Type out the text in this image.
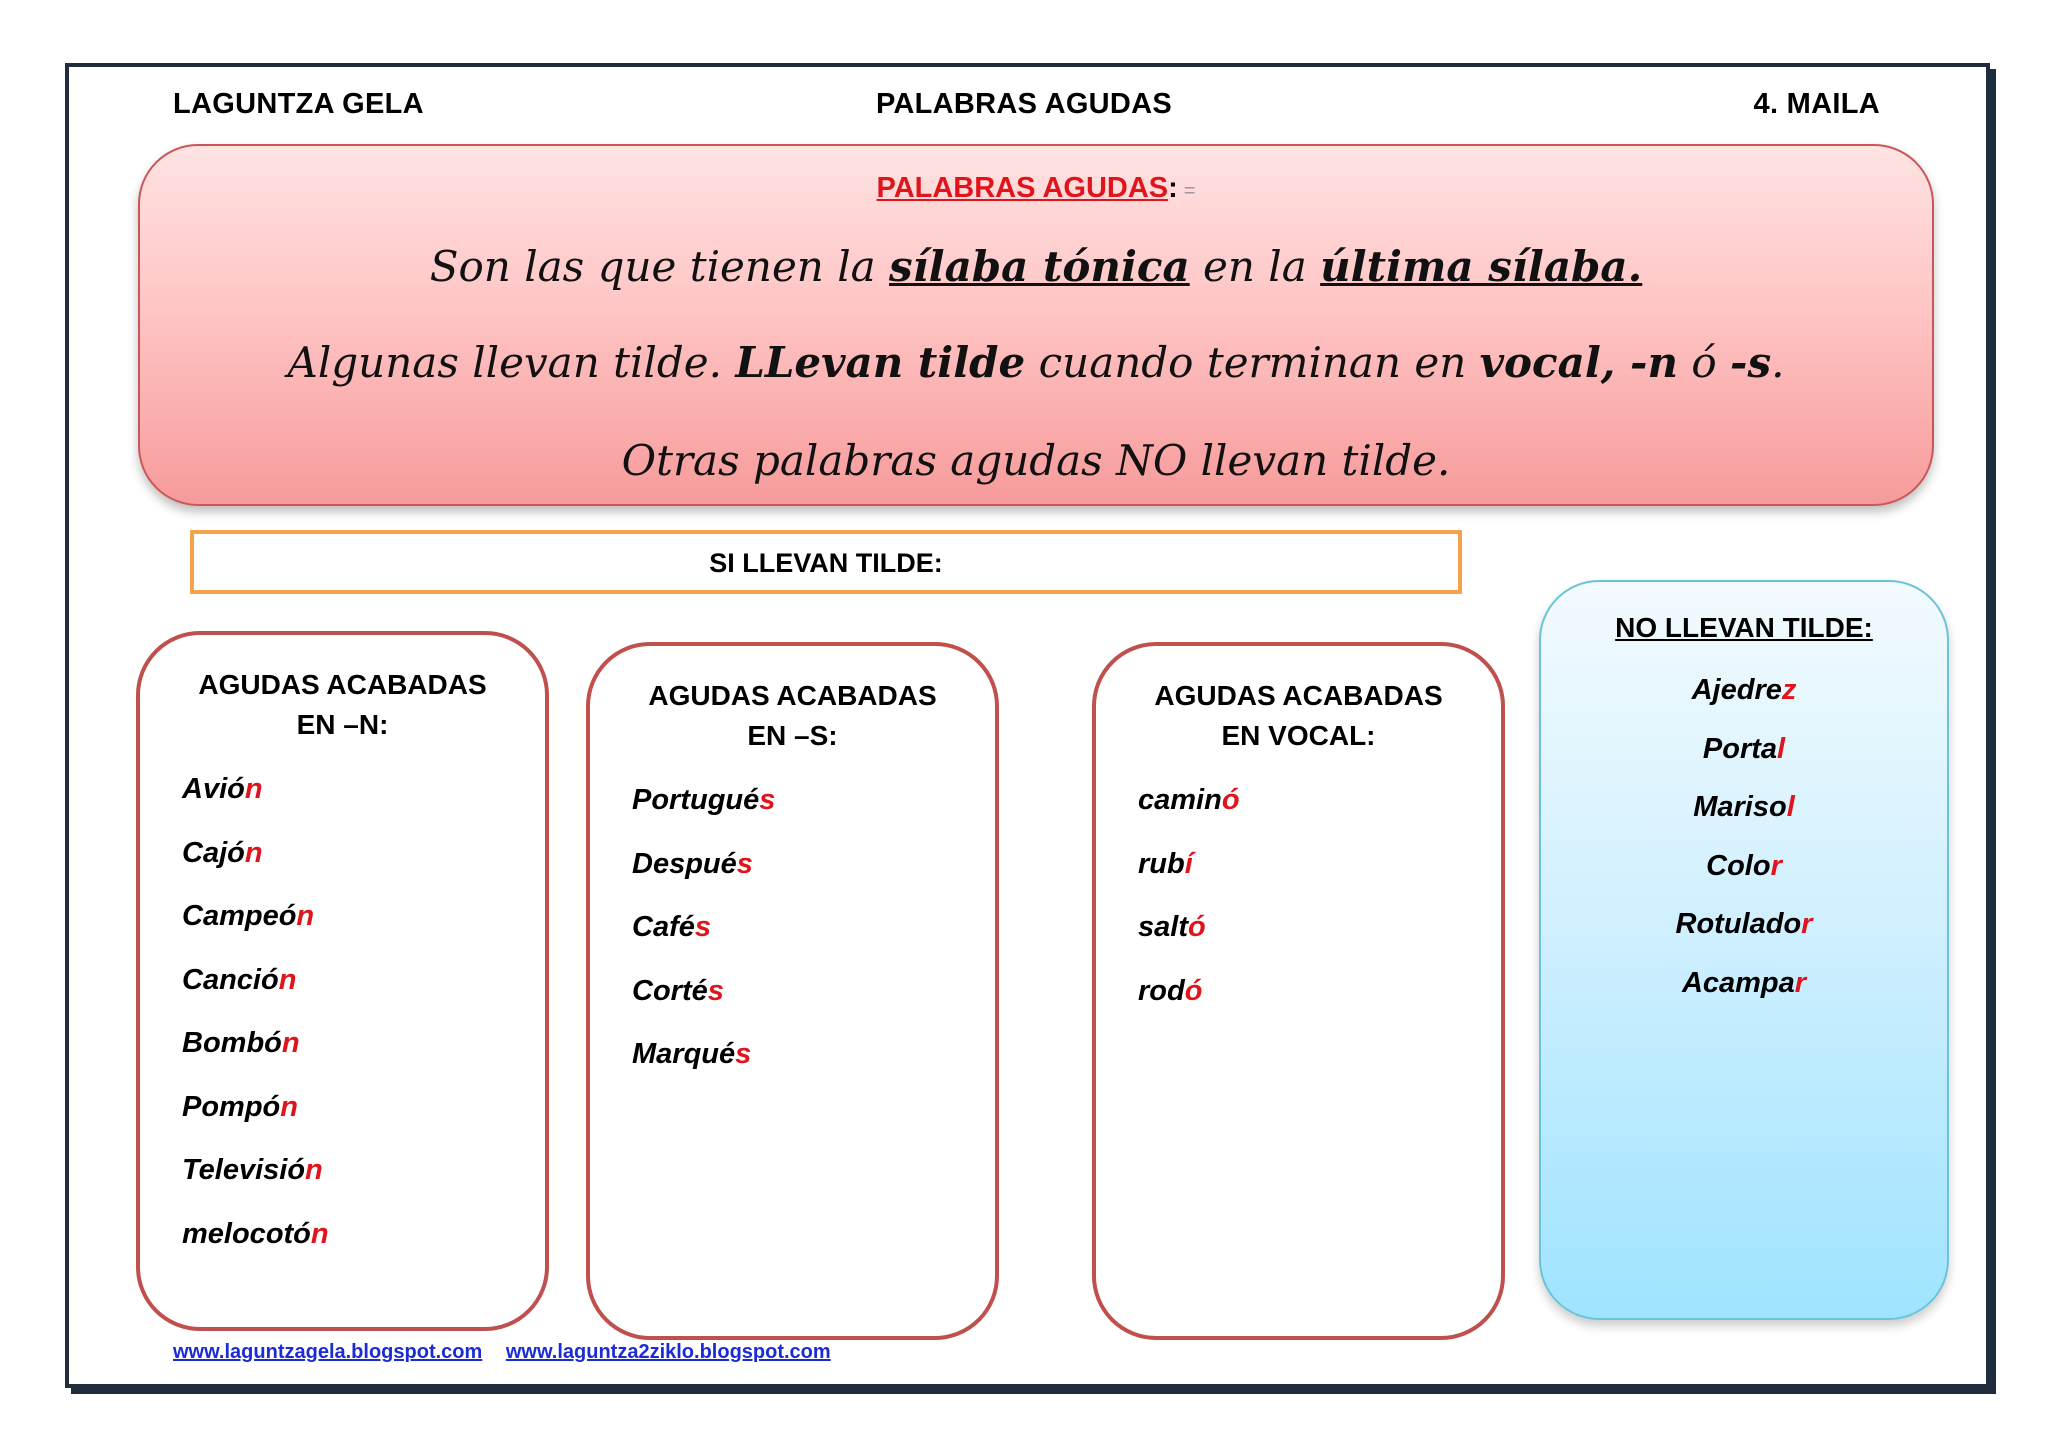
LAGUNTZA GELA	PALABRAS AGUDAS	4. MAILA
PALABRAS AGUDAS: =
Son las que tienen la sílaba tónica en la última sílaba.
Algunas llevan tilde. LLevan tilde cuando terminan en vocal, -n ó -s.
Otras palabras agudas NO llevan tilde.
SI LLEVAN TILDE:
AGUDAS ACABADAS
EN –N:
Avión
Cajón
Campeón
Canción
Bombón
Pompón
Televisión
melocotón
AGUDAS ACABADAS
EN –S:
Portugués
Después
Cafés
Cortés
Marqués
AGUDAS ACABADAS
EN VOCAL:
caminó
rubí
saltó
rodó
NO LLEVAN TILDE:
Ajedrez
Portal
Marisol
Color
Rotulador
Acampar
www.laguntzagela.blogspot.com www.laguntza2ziklo.blogspot.com
